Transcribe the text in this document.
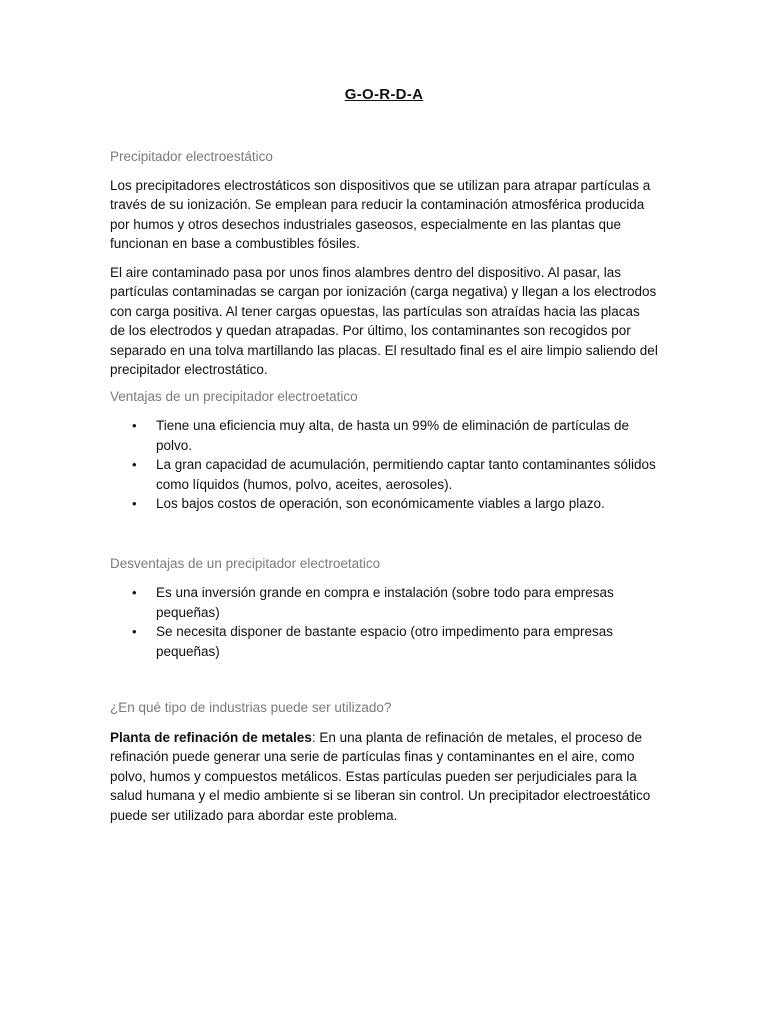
G-O-R-D-A
Precipitador electroestático

Los precipitadores electrostáticos son dispositivos que se utilizan para atrapar partículas a través de su ionización. Se emplean para reducir la contaminación atmosférica producida por humos y otros desechos industriales gaseosos, especialmente en las plantas que funcionan en base a combustibles fósiles.

El aire contaminado pasa por unos finos alambres dentro del dispositivo. Al pasar, las partículas contaminadas se cargan por ionización (carga negativa) y llegan a los electrodos con carga positiva. Al tener cargas opuestas, las partículas son atraídas hacia las placas de los electrodos y quedan atrapadas. Por último, los contaminantes son recogidos por separado en una tolva martillando las placas. El resultado final es el aire limpio saliendo del precipitador electrostático.

Ventajas de un precipitador electroetatico
• Tiene una eficiencia muy alta, de hasta un 99% de eliminación de partículas de polvo.
• La gran capacidad de acumulación, permitiendo captar tanto contaminantes sólidos como líquidos (humos, polvo, aceites, aerosoles).
• Los bajos costos de operación, son económicamente viables a largo plazo.
Desventajas de un precipitador electroetatico
• Es una inversión grande en compra e instalación (sobre todo para empresas pequeñas)
• Se necesita disponer de bastante espacio (otro impedimento para empresas pequeñas)
¿En qué tipo de industrias puede ser utilizado?

Planta de refinación de metales: En una planta de refinación de metales, el proceso de refinación puede generar una serie de partículas finas y contaminantes en el aire, como polvo, humos y compuestos metálicos. Estas partículas pueden ser perjudiciales para la salud humana y el medio ambiente si se liberan sin control. Un precipitador electroestático puede ser utilizado para abordar este problema.
